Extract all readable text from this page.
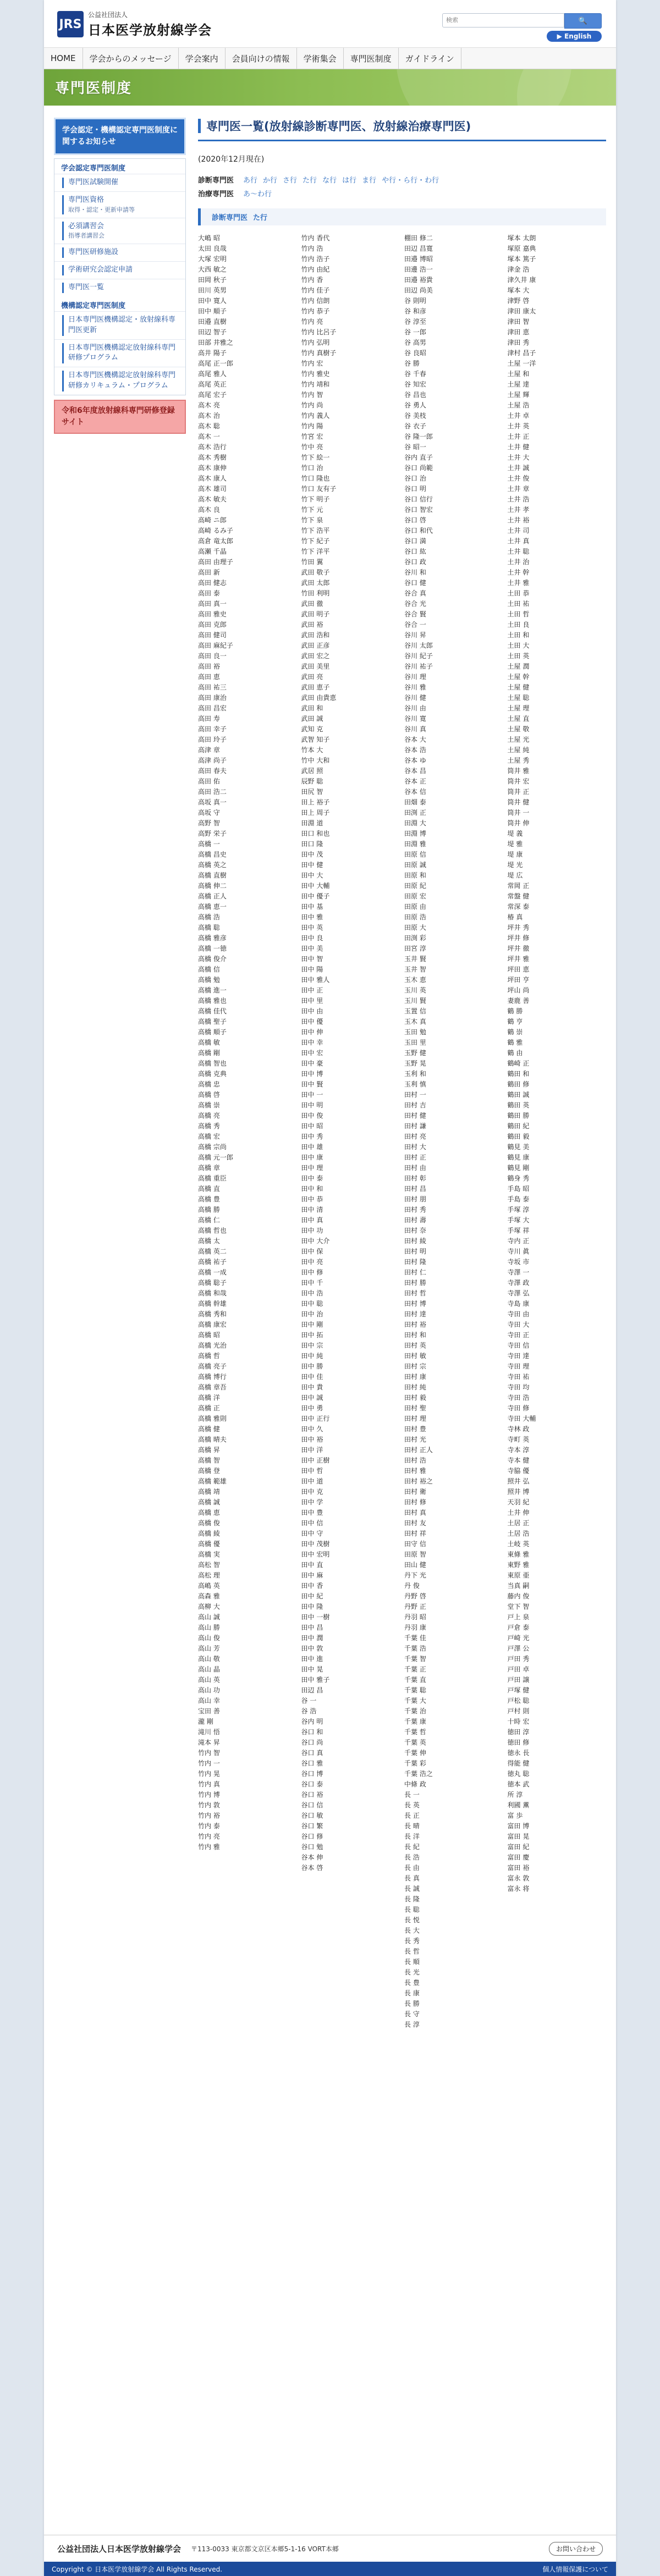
JRS
公益社団法人
日本医学放射線学会
検索
🔍
▶ English
HOME	学会からのメッセージ	学会案内	会員向けの情報	学術集会	専門医制度	ガイドライン
専門医制度
学会認定・機構認定専門医制度に関するお知らせ
学会認定専門医制度
専門医試験開催
専門医資格
取得・認定・更新申請等
必須講習会
指導者講習会
専門医研修施設
学術研究会認定申請
専門医一覧
機構認定専門医制度
日本専門医機構認定・放射線科専門医更新
日本専門医機構認定放射線科専門研修プログラム
日本専門医機構認定放射線科専門研修カリキュラム・プログラム
令和6年度放射線科専門研修登録サイト
専門医一覧(放射線診断専門医、放射線治療専門医)
(2020年12月現在)
診断専門医	あ行 か行 さ行 た行 な行 は行 ま行 や行・ら行・わ行
治療専門医	あ～わ行
診断専門医 た行
大嶋 昭
太田 良哉
大塚 宏明
大西 敏之
田岡 秋子
田川 英男
田中 寛人
田中 順子
田邉 直樹
田辺 智子
田部 井雅之
高井 陽子
高尾 正一郎
高尾 雅人
高尾 英正
高尾 宏子
高木 亮
高木 治
高木 聡
高木 一
高木 浩行
高木 秀樹
高木 康伸
高木 康人
高木 雄司
高木 敏夫
高木 良
高崎 ニ郎
高崎 るみ子
高倉 竜太郎
高瀬 千晶
高田 由理子
高田 新
高田 健志
高田 泰
高田 真一
高田 雅史
高田 克郎
高田 健司
高田 麻紀子
高田 良一
高田 裕
高田 恵
高田 祐三
高田 康治
高田 昌宏
高田 寿
高田 幸子
高田 玲子
高津 章
高津 尚子
高田 春夫
高田 佑
高田 浩二
高坂 真一
高坂 守
高野 智
高野 栄子
高橋 一
高橋 昌史
高橋 英之
高橋 直樹
高橋 伸二
高橋 正人
高橋 恵一
高橋 浩
高橋 聡
高橋 雅彦
高橋 一徳
高橋 俊介
高橋 信
高橋 勉
高橋 進一
高橋 雅也
高橋 佳代
高橋 聖子
高橋 順子
高橋 敏
高橋 剛
高橋 智也
高橋 克典
高橋 忠
高橋 啓
高橋 崇
高橋 亮
高橋 秀
高橋 宏
高橋 宗尚
高橋 元一郎
高橋 章
高橋 重臣
高橋 直
高橋 豊
高橋 勝
高橋 仁
高橋 哲也
高橋 太
高橋 英二
高橋 祐子
高橋 一成
高橋 聡子
高橋 和哉
高橋 幹雄
高橋 秀和
高橋 康宏
高橋 昭
高橋 光治
高橋 哲
高橋 亮子
高橋 博行
高橋 章吾
高橋 洋
高橋 正
高橋 雅則
高橋 健
高橋 晴夫
高橋 昇
高橋 智
高橋 登
高橋 範雄
高橋 靖
高橋 誠
高橋 恵
高橋 俊
高橋 綾
高橋 優
高橋 実
高松 智
高松 理
高嶋 英
高森 雅
高柳 大
高山 誠
高山 勝
高山 俊
高山 芳
高山 敬
高山 晶
高山 英
高山 功
高山 幸
宝田 善
瀧 剛
滝川 悟
滝本 昇
竹内 智
竹内 一
竹内 晃
竹内 真
竹内 博
竹内 敦
竹内 裕
竹内 泰
竹内 亮
竹内 雅
竹内 香代
竹内 浩
竹内 浩子
竹内 由紀
竹内 香
竹内 佳子
竹内 信朗
竹内 恭子
竹内 亮
竹内 比呂子
竹内 弘明
竹内 真樹子
竹内 宏
竹内 雅史
竹内 靖和
竹内 智
竹内 尚
竹内 義人
竹内 陽
竹宮 宏
竹中 亮
竹下 絵一
竹口 治
竹口 隆也
竹口 友有子
竹下 明子
竹下 元
竹下 泉
竹下 浩平
竹下 紀子
竹下 洋平
竹田 翼
武田 敬子
武田 太郎
竹田 利明
武田 徹
武田 明子
武田 裕
武田 浩和
武田 正彦
武田 宏之
武田 美里
武田 亮
武田 恵子
武田 由貴恵
武田 和
武田 誠
武知 克
武智 知子
竹本 大
竹中 大和
武居 照
辰野 聡
田尻 智
田上 裕子
田上 周子
田淵 道
田口 和也
田口 隆
田中 茂
田中 健
田中 大
田中 大輔
田中 優子
田中 基
田中 雅
田中 英
田中 良
田中 美
田中 智
田中 陽
田中 雅人
田中 正
田中 里
田中 由
田中 優
田中 伸
田中 幸
田中 宏
田中 豪
田中 博
田中 賢
田中 一
田中 明
田中 俊
田中 昭
田中 秀
田中 雄
田中 康
田中 理
田中 泰
田中 和
田中 恭
田中 清
田中 真
田中 功
田中 大介
田中 保
田中 亮
田中 修
田中 千
田中 浩
田中 聡
田中 治
田中 剛
田中 拓
田中 宗
田中 純
田中 勝
田中 佳
田中 貴
田中 誠
田中 勇
田中 正行
田中 久
田中 裕
田中 洋
田中 正樹
田中 哲
田中 道
田中 克
田中 学
田中 豊
田中 信
田中 守
田中 茂樹
田中 宏明
田中 直
田中 麻
田中 香
田中 紀
田中 隆
田中 一樹
田中 昌
田中 潤
田中 敦
田中 進
田中 晃
田中 雅子
田辺 昌
谷 一
谷 浩
谷内 明
谷口 和
谷口 尚
谷口 真
谷口 雅
谷口 博
谷口 泰
谷口 裕
谷口 信
谷口 敏
谷口 繁
谷口 修
谷口 勉
谷本 伸
谷本 啓
棚田 修二
田辺 昌寛
田邉 博昭
田邊 浩一
田邉 裕貴
田辺 尚美
谷 則明
谷 和彦
谷 淳至
谷 一郎
谷 高男
谷 良昭
谷 勝
谷 千春
谷 知宏
谷 昌也
谷 勇人
谷 美枝
谷 衣子
谷 隆一郎
谷 昭一
谷内 直子
谷口 尚範
谷口 治
谷口 明
谷口 信行
谷口 智宏
谷口 啓
谷口 和代
谷口 満
谷口 紘
谷口 政
谷川 和
谷口 健
谷合 真
谷合 光
谷合 賢
谷合 一
谷川 昇
谷川 太郎
谷川 紀子
谷川 祐子
谷川 理
谷川 雅
谷川 健
谷川 由
谷川 寛
谷川 真
谷本 大
谷本 浩
谷本 ゆ
谷本 昌
谷本 正
谷本 信
田畑 泰
田渕 正
田淵 大
田淵 博
田淵 雅
田原 信
田原 誠
田原 和
田原 紀
田原 宏
田原 由
田原 浩
田原 大
田渕 彩
田宮 淳
玉井 賢
玉井 智
玉木 恵
玉川 英
玉川 賢
玉置 信
玉木 真
玉田 勉
玉田 里
玉野 健
玉野 晃
玉利 和
玉利 慎
田村 一
田村 吉
田村 健
田村 謙
田村 亮
田村 大
田村 正
田村 由
田村 彰
田村 昌
田村 朋
田村 秀
田村 壽
田村 奈
田村 綾
田村 明
田村 隆
田村 仁
田村 勝
田村 哲
田村 博
田村 達
田村 裕
田村 和
田村 英
田村 敏
田村 宗
田村 康
田村 純
田村 毅
田村 聖
田村 理
田村 豊
田村 光
田村 正人
田村 浩
田村 雅
田村 裕之
田村 衛
田村 修
田村 真
田村 友
田村 祥
田守 信
田原 智
田山 健
丹下 光
丹 俊
丹野 啓
丹野 正
丹羽 昭
丹羽 康
千葉 佳
千葉 浩
千葉 智
千葉 正
千葉 直
千葉 聡
千葉 大
千葉 治
千葉 康
千葉 哲
千葉 英
千葉 伸
千葉 彩
千葉 浩之
中條 政
長 一
長 英
長 正
長 晴
長 洋
長 紀
長 浩
長 由
長 真
長 誠
長 隆
長 聡
長 悦
長 大
長 秀
長 哲
長 順
長 光
長 豊
長 康
長 勝
長 守
長 淳
塚本 太朗
塚原 嘉典
塚本 篤子
津金 浩
津久井 康
塚本 大
津野 啓
津田 康太
津田 智
津田 恵
津田 秀
津村 昌子
土屋 一洋
土屋 和
土屋 達
土屋 輝
土屋 浩
土井 卓
土井 英
土井 正
土井 健
土井 大
土井 誠
土井 俊
土井 章
土井 浩
土井 孝
土井 裕
土井 司
土井 真
土井 聡
土井 治
土井 幹
土井 雅
土田 恭
土田 祐
土田 哲
土田 良
土田 和
土田 大
土田 英
土屋 潤
土屋 幹
土屋 健
土屋 聡
土屋 理
土屋 直
土屋 敬
土屋 光
土屋 純
土屋 秀
筒井 雅
筒井 宏
筒井 正
筒井 健
筒井 一
筒井 伸
堤 義
堤 雅
堤 康
堤 光
堤 広
常岡 正
常盤 健
常深 泰
椿 真
坪井 秀
坪井 修
坪井 徹
坪井 雅
坪田 恵
坪田 亨
坪山 尚
妻鹿 善
鶴 勝
鶴 亨
鶴 崇
鶴 雅
鶴 由
鶴崎 正
鶴田 和
鶴田 修
鶴田 誠
鶴田 英
鶴田 勝
鶴田 紀
鶴田 毅
鶴見 美
鶴見 康
鶴見 剛
鶴身 秀
手島 昭
手島 泰
手塚 淳
手塚 大
手塚 祥
寺内 正
寺川 眞
寺坂 市
寺澤 一
寺澤 政
寺澤 弘
寺島 康
寺田 由
寺田 大
寺田 正
寺田 信
寺田 達
寺田 理
寺田 祐
寺田 均
寺田 浩
寺田 修
寺田 大輔
寺林 政
寺町 英
寺本 淳
寺本 健
寺脇 優
照井 弘
照井 博
天羽 紀
土井 伸
土居 正
土居 浩
土岐 英
東條 雅
東野 雅
東原 亜
当真 嗣
藤内 俊
堂下 智
戸上 泉
戸倉 泰
戸崎 光
戸澤 公
戸田 秀
戸田 卓
戸田 譲
戸塚 健
戸松 聡
戸村 則
十時 宏
徳田 淳
徳田 修
徳永 長
得能 健
徳丸 聡
徳本 武
所 淳
利國 薫
富 歩
富田 博
富田 晃
富田 紀
富田 慶
富田 裕
富永 敦
富永 将
公益社団法人日本医学放射線学会 〒113-0033 東京都文京区本郷5-1-16 VORT本郷	お問い合わせ
Copyright © 日本医学放射線学会 All Rights Reserved.	個人情報保護について
